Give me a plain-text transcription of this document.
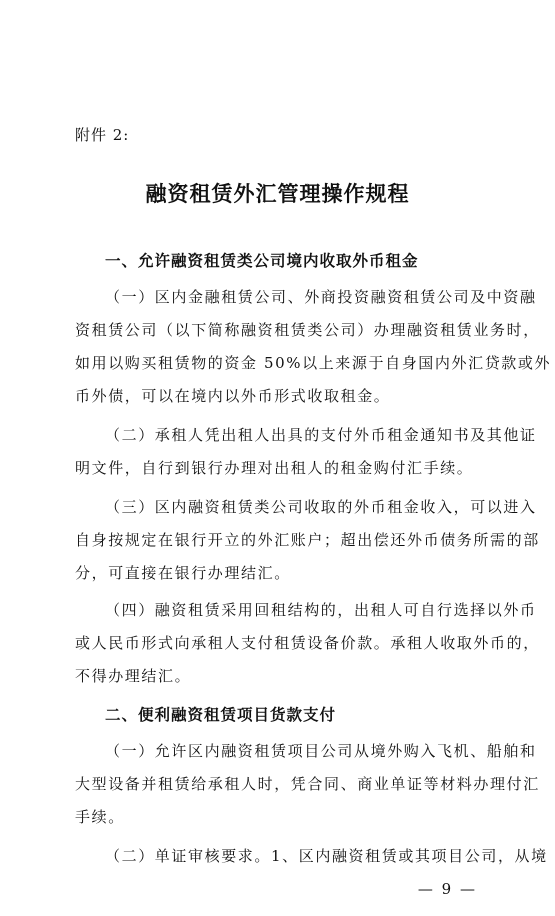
附件 2:
融资租赁外汇管理操作规程
一、允许融资租赁类公司境内收取外币租金
（一）区内金融租赁公司、外商投资融资租赁公司及中资融
资租赁公司（以下简称融资租赁类公司）办理融资租赁业务时，
如用以购买租赁物的资金 50%以上来源于自身国内外汇贷款或外
币外债，可以在境内以外币形式收取租金。
（二）承租人凭出租人出具的支付外币租金通知书及其他证
明文件，自行到银行办理对出租人的租金购付汇手续。
（三）区内融资租赁类公司收取的外币租金收入，可以进入
自身按规定在银行开立的外汇账户；超出偿还外币债务所需的部
分，可直接在银行办理结汇。
（四）融资租赁采用回租结构的，出租人可自行选择以外币
或人民币形式向承租人支付租赁设备价款。承租人收取外币的，
不得办理结汇。
二、便利融资租赁项目货款支付
（一）允许区内融资租赁项目公司从境外购入飞机、船舶和
大型设备并租赁给承租人时，凭合同、商业单证等材料办理付汇
手续。
（二）单证审核要求。1、区内融资租赁或其项目公司，从境
— 9 —
